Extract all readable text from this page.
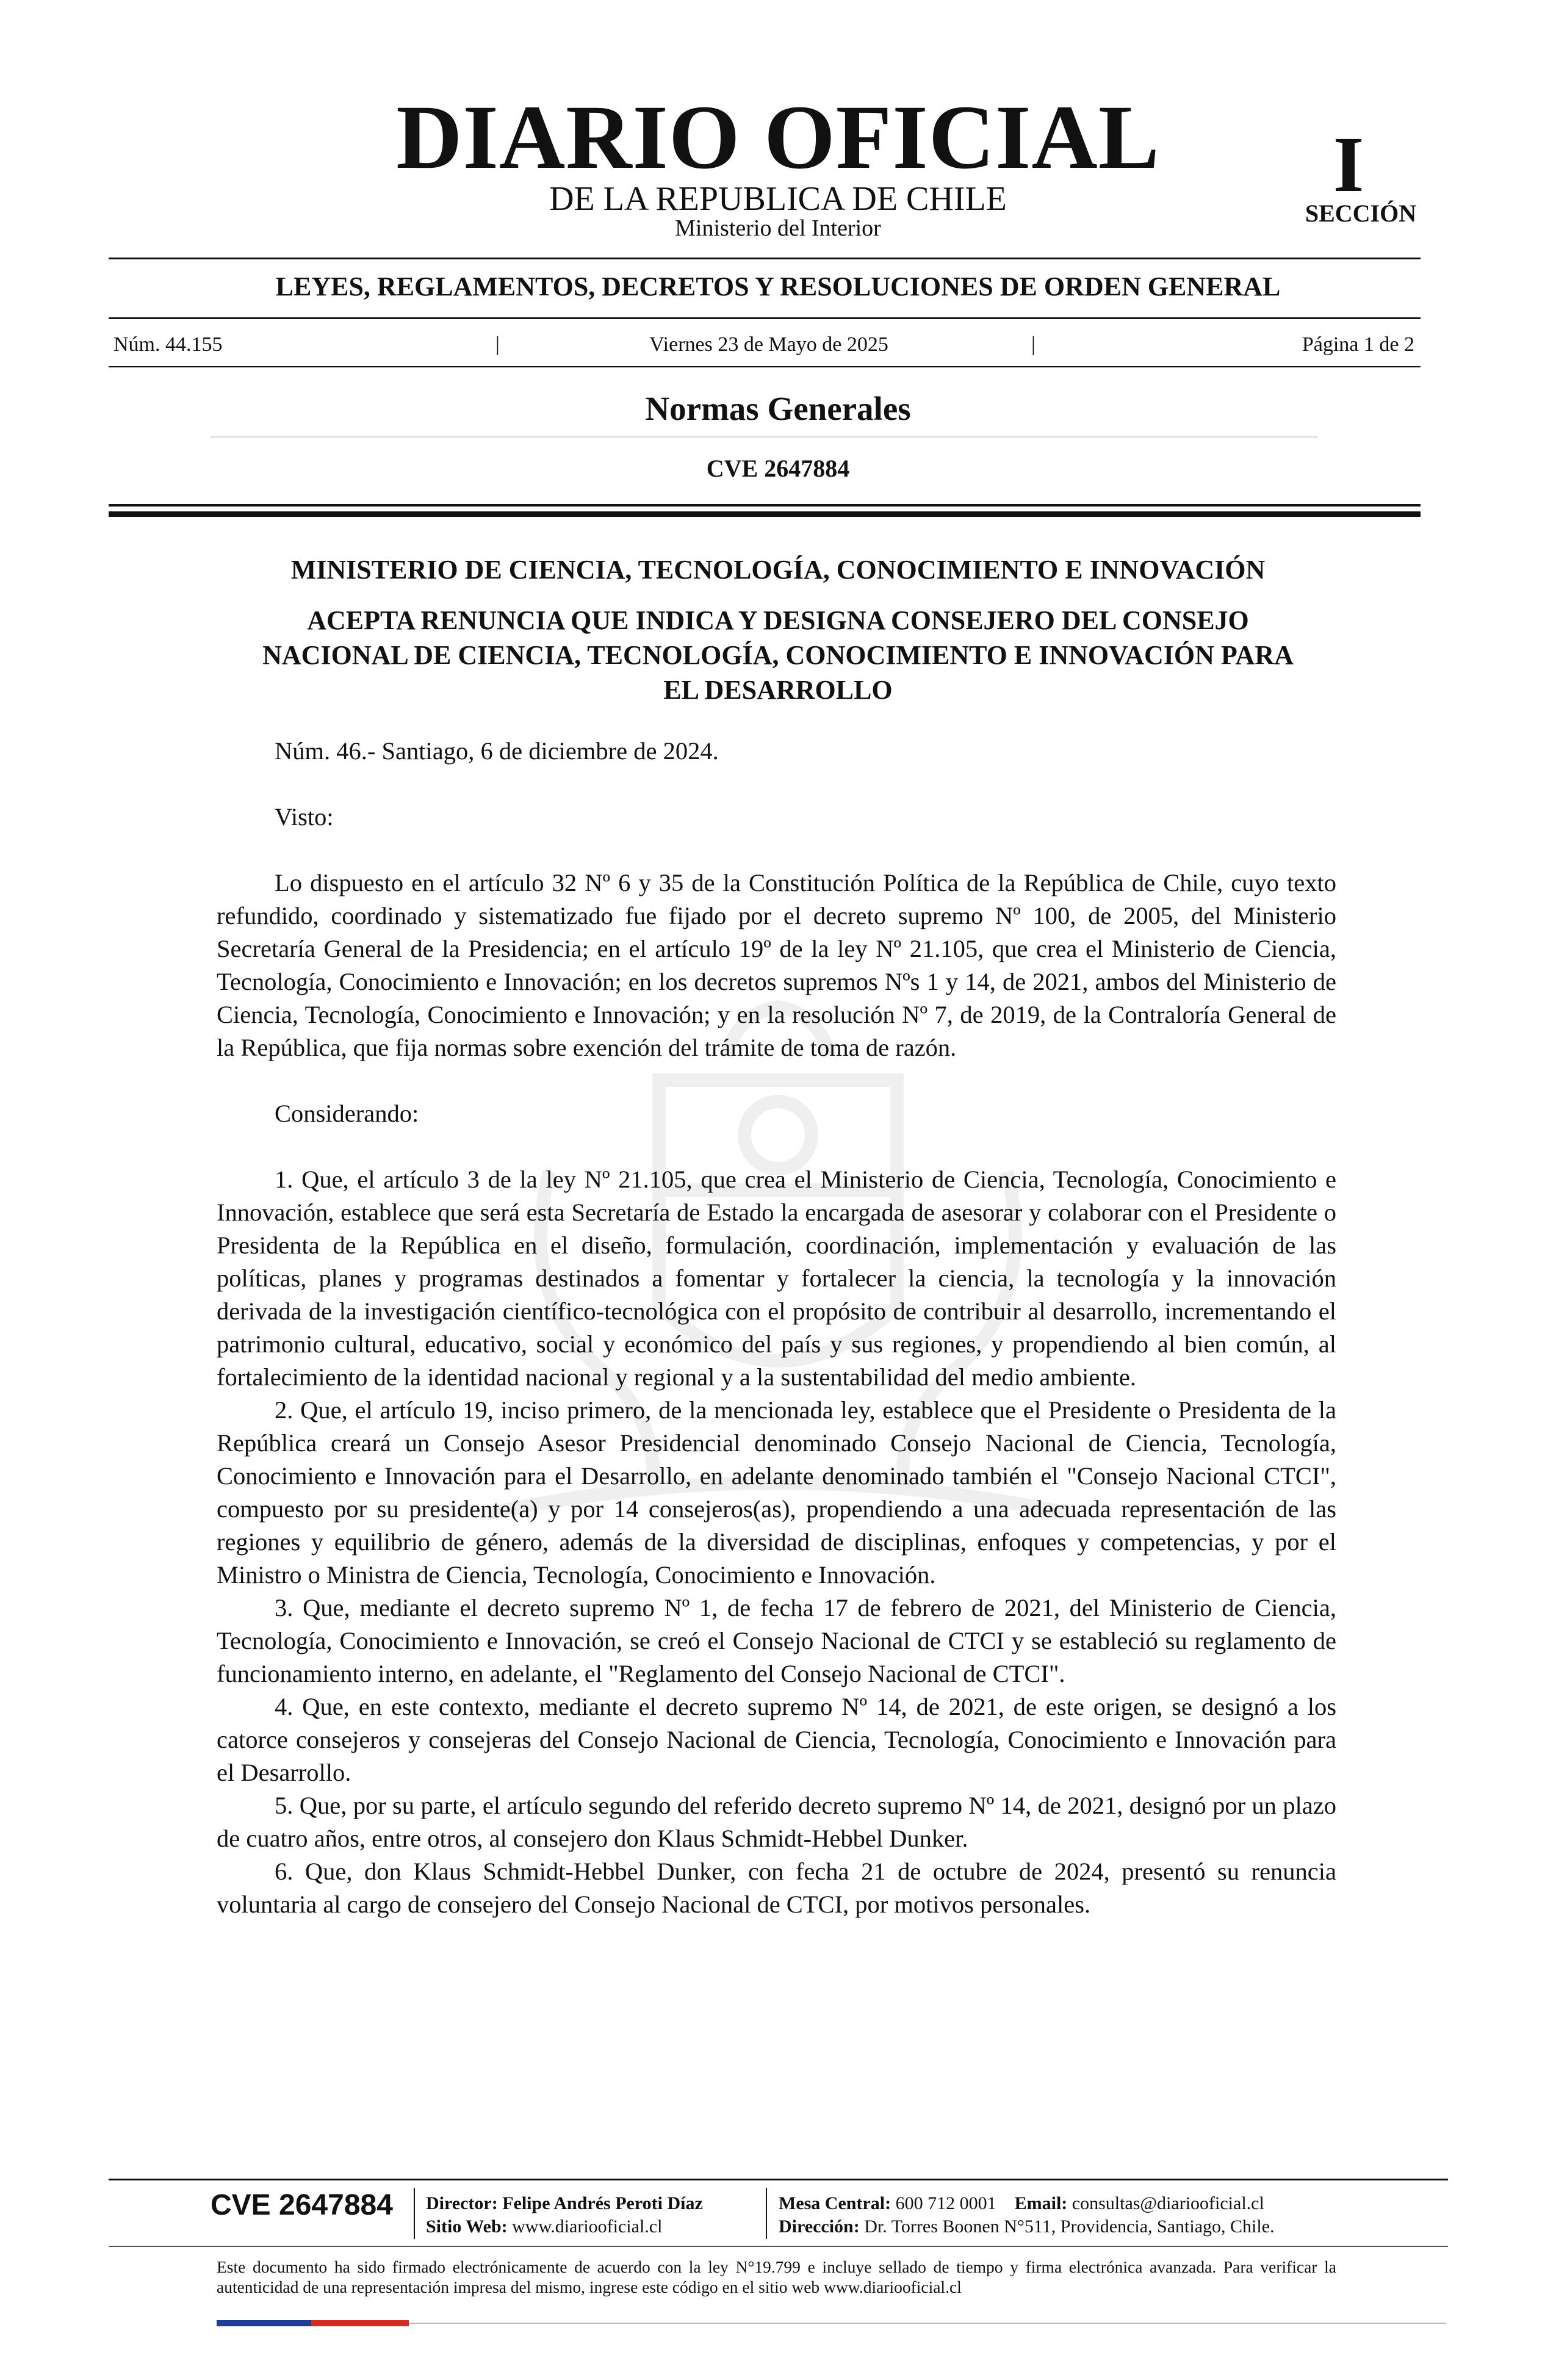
DIARIO OFICIAL
DE LA REPUBLICA DE CHILE
Ministerio del Interior
I
SECCIÓN
LEYES, REGLAMENTOS, DECRETOS Y RESOLUCIONES DE ORDEN GENERAL
Núm. 44.155	|	Viernes 23 de Mayo de 2025	|	Página 1 de 2
Normas Generales
CVE 2647884
MINISTERIO DE CIENCIA, TECNOLOGÍA, CONOCIMIENTO E INNOVACIÓN
ACEPTA RENUNCIA QUE INDICA Y DESIGNA CONSEJERO DEL CONSEJO
NACIONAL DE CIENCIA, TECNOLOGÍA, CONOCIMIENTO E INNOVACIÓN PARA
EL DESARROLLO

Núm. 46.- Santiago, 6 de diciembre de 2024.

Visto:

Lo dispuesto en el artículo 32 Nº 6 y 35 de la Constitución Política de la República de Chile, cuyo texto refundido, coordinado y sistematizado fue fijado por el decreto supremo Nº 100, de 2005, del Ministerio Secretaría General de la Presidencia; en el artículo 19º de la ley Nº 21.105, que crea el Ministerio de Ciencia, Tecnología, Conocimiento e Innovación; en los decretos supremos Nºs 1 y 14, de 2021, ambos del Ministerio de Ciencia, Tecnología, Conocimiento e Innovación; y en la resolución Nº 7, de 2019, de la Contraloría General de la República, que fija normas sobre exención del trámite de toma de razón.

Considerando:

1. Que, el artículo 3 de la ley Nº 21.105, que crea el Ministerio de Ciencia, Tecnología, Conocimiento e Innovación, establece que será esta Secretaría de Estado la encargada de asesorar y colaborar con el Presidente o Presidenta de la República en el diseño, formulación, coordinación, implementación y evaluación de las políticas, planes y programas destinados a fomentar y fortalecer la ciencia, la tecnología y la innovación derivada de la investigación científico-tecnológica con el propósito de contribuir al desarrollo, incrementando el patrimonio cultural, educativo, social y económico del país y sus regiones, y propendiendo al bien común, al fortalecimiento de la identidad nacional y regional y a la sustentabilidad del medio ambiente.

2. Que, el artículo 19, inciso primero, de la mencionada ley, establece que el Presidente o Presidenta de la República creará un Consejo Asesor Presidencial denominado Consejo Nacional de Ciencia, Tecnología, Conocimiento e Innovación para el Desarrollo, en adelante denominado también el "Consejo Nacional CTCI", compuesto por su presidente(a) y por 14 consejeros(as), propendiendo a una adecuada representación de las regiones y equilibrio de género, además de la diversidad de disciplinas, enfoques y competencias, y por el Ministro o Ministra de Ciencia, Tecnología, Conocimiento e Innovación.

3. Que, mediante el decreto supremo Nº 1, de fecha 17 de febrero de 2021, del Ministerio de Ciencia, Tecnología, Conocimiento e Innovación, se creó el Consejo Nacional de CTCI y se estableció su reglamento de funcionamiento interno, en adelante, el "Reglamento del Consejo Nacional de CTCI".

4. Que, en este contexto, mediante el decreto supremo Nº 14, de 2021, de este origen, se designó a los catorce consejeros y consejeras del Consejo Nacional de Ciencia, Tecnología, Conocimiento e Innovación para el Desarrollo.

5. Que, por su parte, el artículo segundo del referido decreto supremo Nº 14, de 2021, designó por un plazo de cuatro años, entre otros, al consejero don Klaus Schmidt-Hebbel Dunker.

6. Que, don Klaus Schmidt-Hebbel Dunker, con fecha 21 de octubre de 2024, presentó su renuncia voluntaria al cargo de consejero del Consejo Nacional de CTCI, por motivos personales.

CVE 2647884 Director: Felipe Andrés Peroti Díaz
Sitio Web: www.diariooficial.cl
Mesa Central: 600 712 0001 Email: consultas@diariooficial.cl
Dirección: Dr. Torres Boonen N°511, Providencia, Santiago, Chile.
Este documento ha sido firmado electrónicamente de acuerdo con la ley N°19.799 e incluye sellado de tiempo y firma electrónica avanzada. Para verificar la autenticidad de una representación impresa del mismo, ingrese este código en el sitio web www.diariooficial.cl
